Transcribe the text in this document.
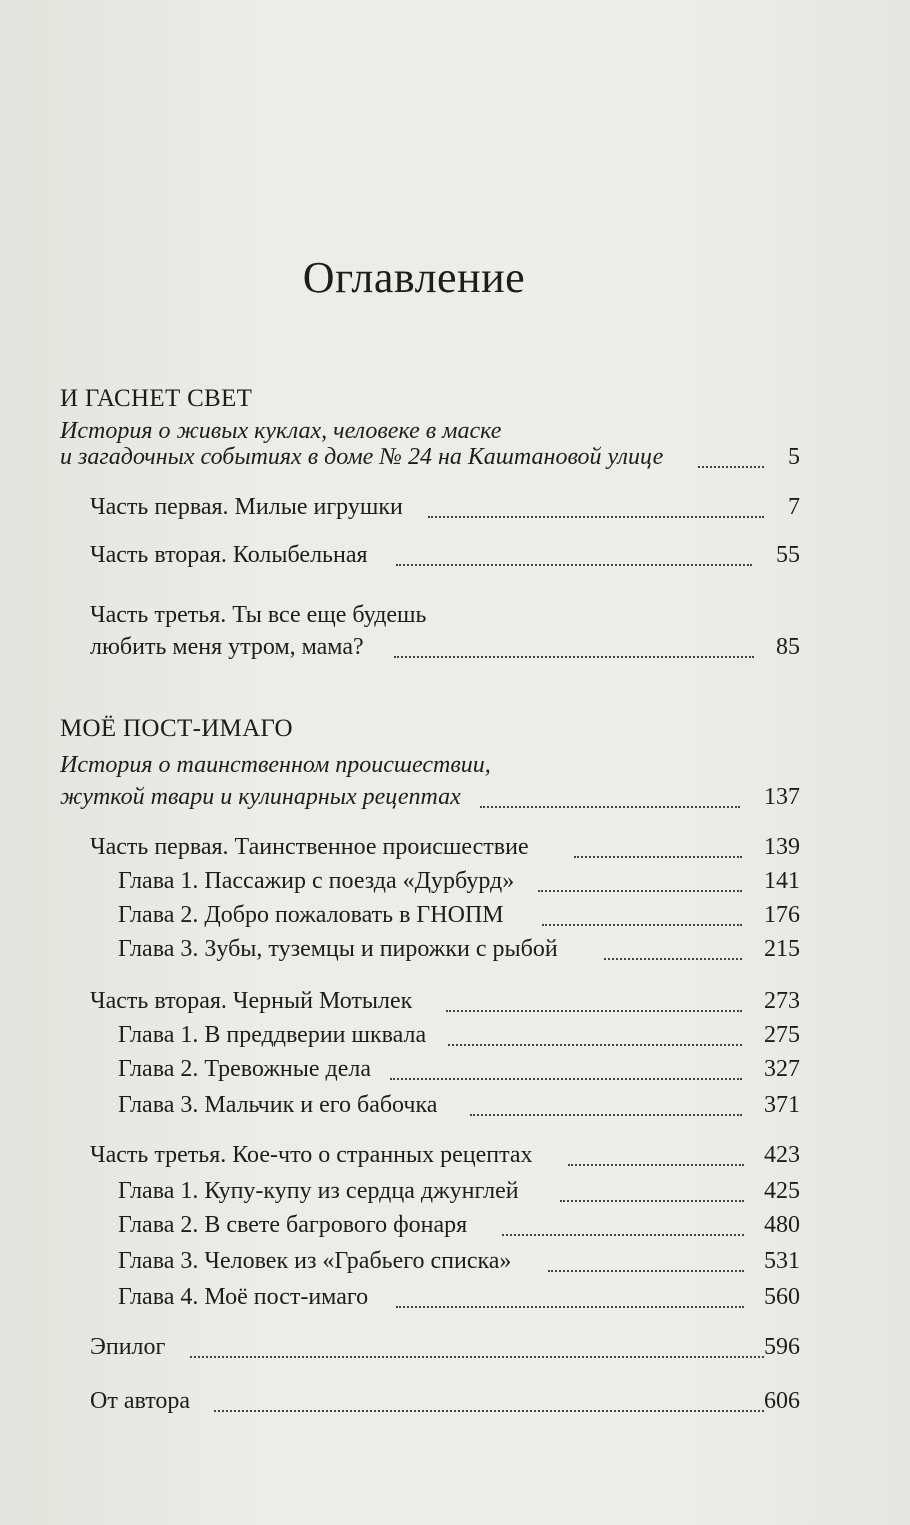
Оглавление
И ГАСНЕТ СВЕТ
История о живых куклах, человеке в маске
и загадочных событиях в доме № 24 на Каштановой улице	5
Часть первая. Милые игрушки	7
Часть вторая. Колыбельная	55
Часть третья. Ты все еще будешь
любить меня утром, мама?	85
МОЁ ПОСТ-ИМАГО
История о таинственном происшествии,
жуткой твари и кулинарных рецептах	137
Часть первая. Таинственное происшествие	139
Глава 1. Пассажир с поезда «Дурбурд»	141
Глава 2. Добро пожаловать в ГНОПМ	176
Глава 3. Зубы, туземцы и пирожки с рыбой	215
Часть вторая. Черный Мотылек	273
Глава 1. В преддверии шквала	275
Глава 2. Тревожные дела	327
Глава 3. Мальчик и его бабочка	371
Часть третья. Кое-что о странных рецептах	423
Глава 1. Купу-купу из сердца джунглей	425
Глава 2. В свете багрового фонаря	480
Глава 3. Человек из «Грабьего списка»	531
Глава 4. Моё пост-имаго	560
Эпилог	596
От автора	606
